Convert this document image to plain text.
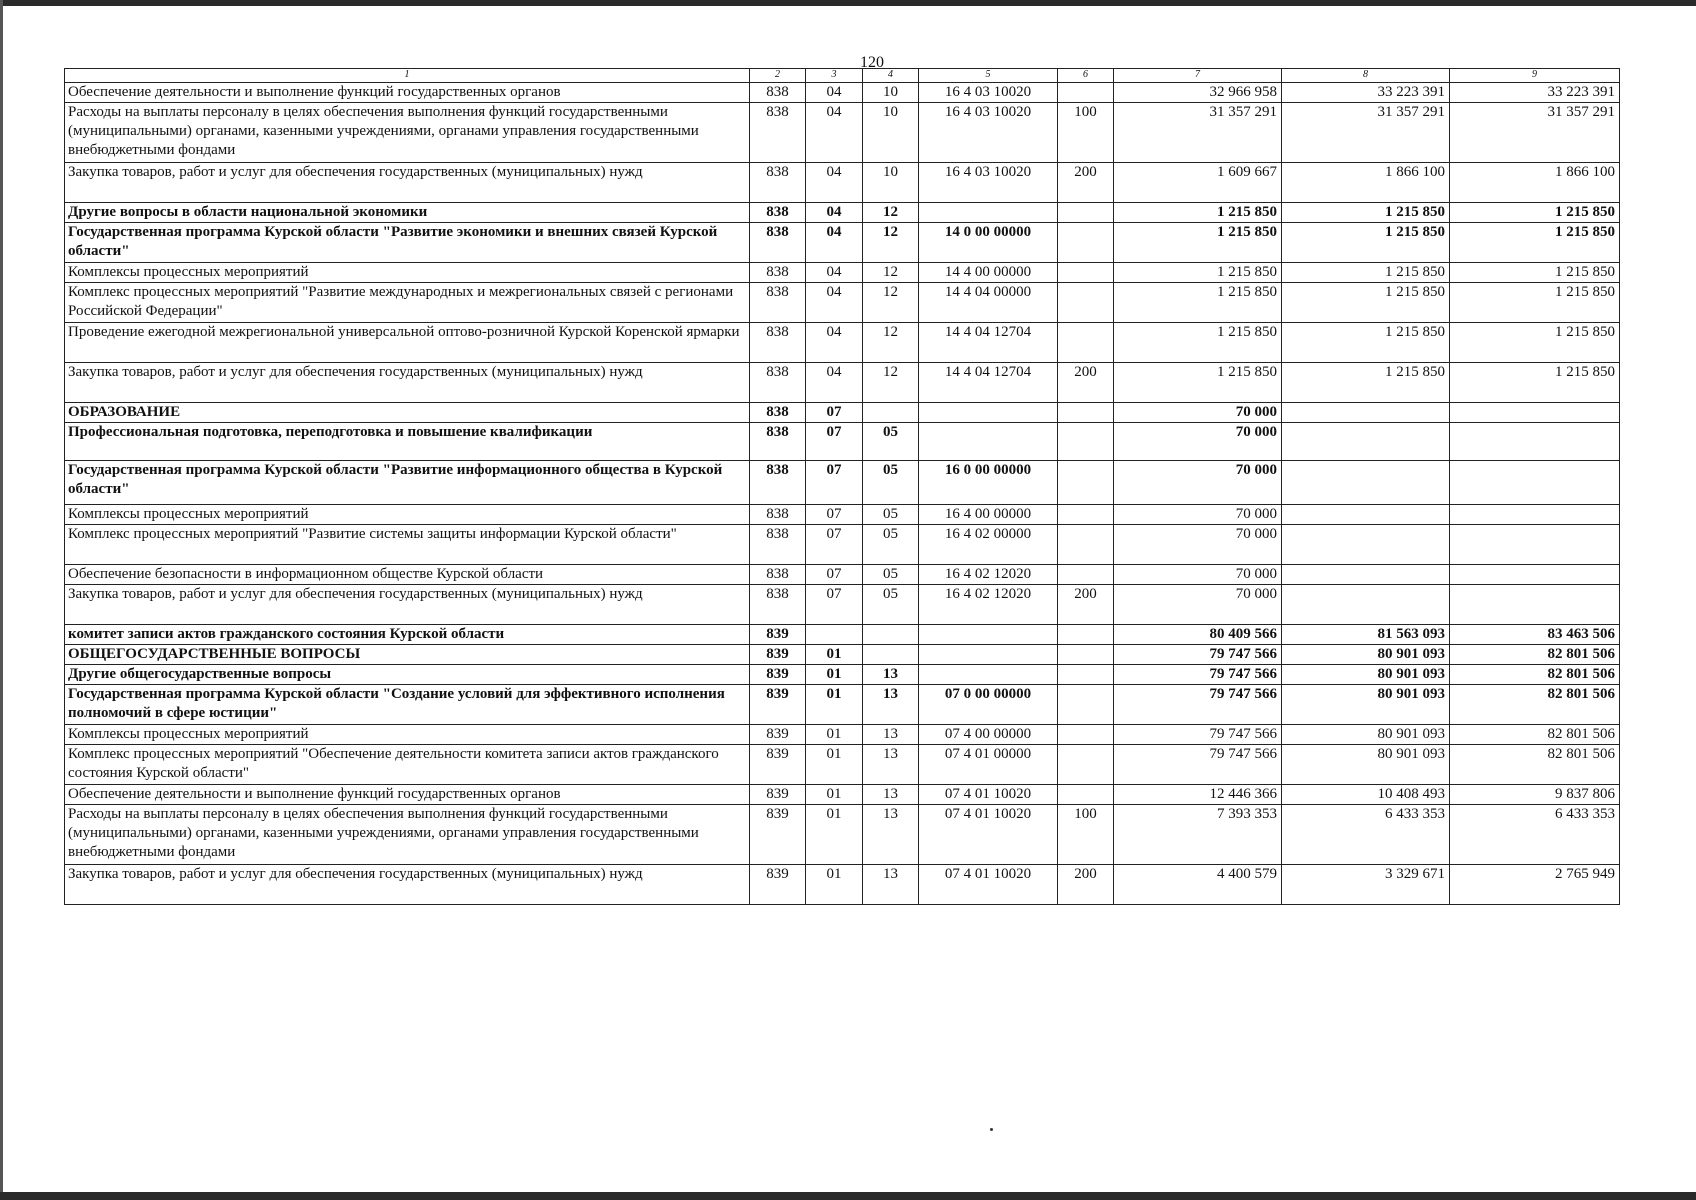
120
1	2	3	4	5	6	7	8	9
Обеспечение деятельности и выполнение функций государственных органов	838	04	10	16 4 03 10020		32 966 958	33 223 391	33 223 391
Расходы на выплаты персоналу в целях обеспечения выполнения функций государственными (муниципальными) органами, казенными учреждениями, органами управления государственными внебюджетными фондами	838	04	10	16 4 03 10020	100	31 357 291	31 357 291	31 357 291
Закупка товаров, работ и услуг для обеспечения государственных (муниципальных) нужд	838	04	10	16 4 03 10020	200	1 609 667	1 866 100	1 866 100
Другие вопросы в области национальной экономики	838	04	12			1 215 850	1 215 850	1 215 850
Государственная программа Курской области "Развитие экономики и внешних связей Курской области"	838	04	12	14 0 00 00000		1 215 850	1 215 850	1 215 850
Комплексы процессных мероприятий	838	04	12	14 4 00 00000		1 215 850	1 215 850	1 215 850
Комплекс процессных мероприятий "Развитие международных и межрегиональных связей с регионами Российской Федерации"	838	04	12	14 4 04 00000		1 215 850	1 215 850	1 215 850
Проведение ежегодной межрегиональной универсальной оптово-розничной Курской Коренской ярмарки	838	04	12	14 4 04 12704		1 215 850	1 215 850	1 215 850
Закупка товаров, работ и услуг для обеспечения государственных (муниципальных) нужд	838	04	12	14 4 04 12704	200	1 215 850	1 215 850	1 215 850
ОБРАЗОВАНИЕ	838	07				70 000		
Профессиональная подготовка, переподготовка и повышение квалификации	838	07	05			70 000		
Государственная программа Курской области "Развитие информационного общества в Курской области"	838	07	05	16 0 00 00000		70 000		
Комплексы процессных мероприятий	838	07	05	16 4 00 00000		70 000		
Комплекс процессных мероприятий "Развитие системы защиты информации Курской области"	838	07	05	16 4 02 00000		70 000		
Обеспечение безопасности в информационном обществе Курской области	838	07	05	16 4 02 12020		70 000		
Закупка товаров, работ и услуг для обеспечения государственных (муниципальных) нужд	838	07	05	16 4 02 12020	200	70 000		
комитет записи актов гражданского состояния Курской области	839					80 409 566	81 563 093	83 463 506
ОБЩЕГОСУДАРСТВЕННЫЕ ВОПРОСЫ	839	01				79 747 566	80 901 093	82 801 506
Другие общегосударственные вопросы	839	01	13			79 747 566	80 901 093	82 801 506
Государственная программа Курской области "Создание условий для эффективного исполнения полномочий в сфере юстиции"	839	01	13	07 0 00 00000		79 747 566	80 901 093	82 801 506
Комплексы процессных мероприятий	839	01	13	07 4 00 00000		79 747 566	80 901 093	82 801 506
Комплекс процессных мероприятий "Обеспечение деятельности комитета записи актов гражданского состояния Курской области"	839	01	13	07 4 01 00000		79 747 566	80 901 093	82 801 506
Обеспечение деятельности и выполнение функций государственных органов	839	01	13	07 4 01 10020		12 446 366	10 408 493	9 837 806
Расходы на выплаты персоналу в целях обеспечения выполнения функций государственными (муниципальными) органами, казенными учреждениями, органами управления государственными внебюджетными фондами	839	01	13	07 4 01 10020	100	7 393 353	6 433 353	6 433 353
Закупка товаров, работ и услуг для обеспечения государственных (муниципальных) нужд	839	01	13	07 4 01 10020	200	4 400 579	3 329 671	2 765 949
